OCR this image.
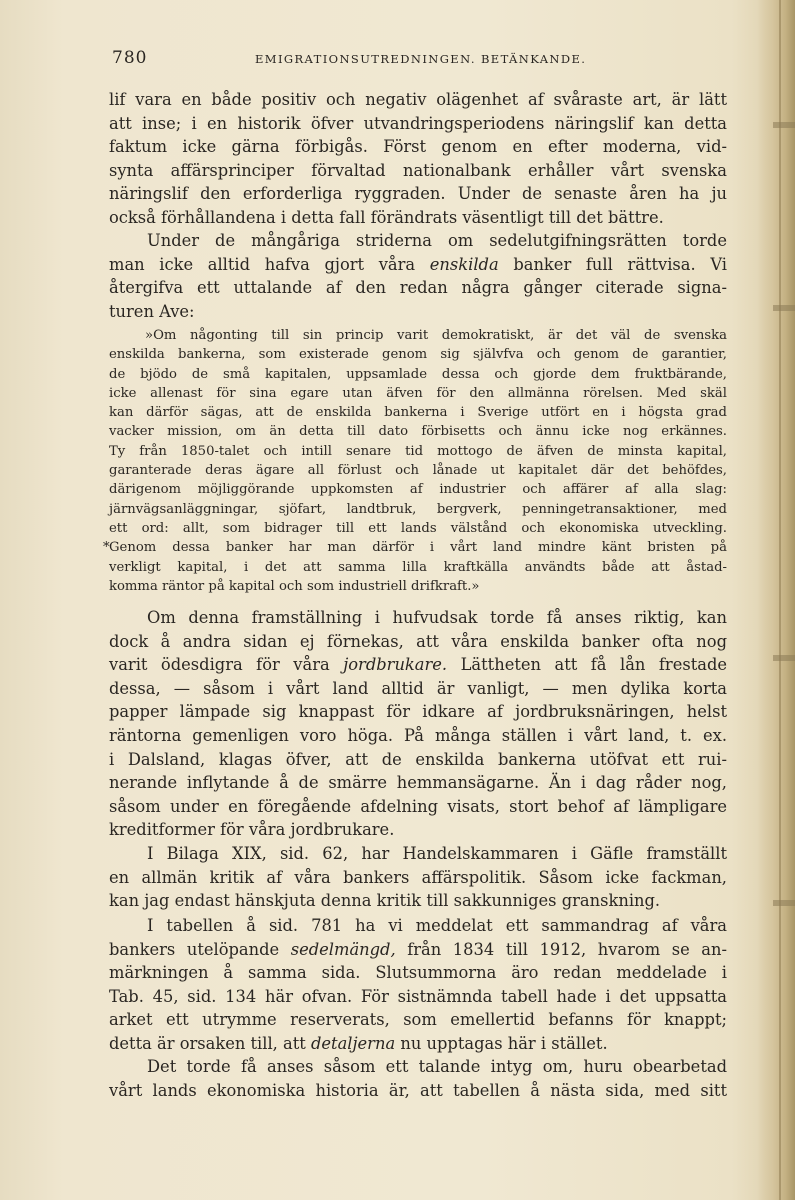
780	EMIGRATIONSUTREDNINGEN. BETÄNKANDE.
lif vara en både positiv och negativ olägenhet af svåraste art, är lätt
att inse; i en historik öfver utvandringsperiodens näringslif kan detta
faktum icke gärna förbigås. Först genom en efter moderna, vid-
synta affärsprinciper förvaltad nationalbank erhåller vårt svenska
näringslif den erforderliga ryggraden. Under de senaste åren ha ju
också förhållandena i detta fall förändrats väsentligt till det bättre.
Under de mångåriga striderna om sedelutgifningsrätten torde
man icke alltid hafva gjort våra enskilda banker full rättvisa. Vi
återgifva ett uttalande af den redan några gånger citerade signa-
turen Ave:
»Om någonting till sin princip varit demokratiskt, är det väl de svenska
enskilda bankerna, som existerade genom sig självfva och genom de garantier,
de bjödo de små kapitalen, uppsamlade dessa och gjorde dem fruktbärande,
icke allenast för sina egare utan äfven för den allmänna rörelsen. Med skäl
kan därför sägas, att de enskilda bankerna i Sverige utfört en i högsta grad
vacker mission, om än detta till dato förbisetts och ännu icke nog erkännes.
Ty från 1850-talet och intill senare tid mottogo de äfven de minsta kapital,
garanterade deras ägare all förlust och lånade ut kapitalet där det behöfdes,
därigenom möjliggörande uppkomsten af industrier och affärer af alla slag:
järnvägsanläggningar, sjöfart, landtbruk, bergverk, penningetransaktioner, med
ett ord: allt, som bidrager till ett lands välstånd och ekonomiska utveckling.
* Genom dessa banker har man därför i vårt land mindre känt bristen på
verkligt kapital, i det att samma lilla kraftkälla användts både att åstad-
komma räntor på kapital och som industriell drifkraft.»
Om denna framställning i hufvudsak torde få anses riktig, kan
dock å andra sidan ej förnekas, att våra enskilda banker ofta nog
varit ödesdigra för våra jordbrukare. Lättheten att få lån frestade
dessa, — såsom i vårt land alltid är vanligt, — men dylika korta
papper lämpade sig knappast för idkare af jordbruksnäringen, helst
räntorna gemenligen voro höga. På många ställen i vårt land, t. ex.
i Dalsland, klagas öfver, att de enskilda bankerna utöfvat ett rui-
nerande inflytande å de smärre hemmansägarne. Än i dag råder nog,
såsom under en föregående afdelning visats, stort behof af lämpligare
kreditformer för våra jordbrukare.
I Bilaga XIX, sid. 62, har Handelskammaren i Gäfle framställt
en allmän kritik af våra bankers affärspolitik. Såsom icke fackman,
kan jag endast hänskjuta denna kritik till sakkunniges granskning.
I tabellen å sid. 781 ha vi meddelat ett sammandrag af våra
bankers utelöpande sedelmängd, från 1834 till 1912, hvarom se an-
märkningen å samma sida. Slutsummorna äro redan meddelade i
Tab. 45, sid. 134 här ofvan. För sistnämnda tabell hade i det uppsatta
arket ett utrymme reserverats, som emellertid befanns för knappt;
detta är orsaken till, att detaljerna nu upptagas här i stället.
Det torde få anses såsom ett talande intyg om, huru obearbetad
vårt lands ekonomiska historia är, att tabellen å nästa sida, med sitt
